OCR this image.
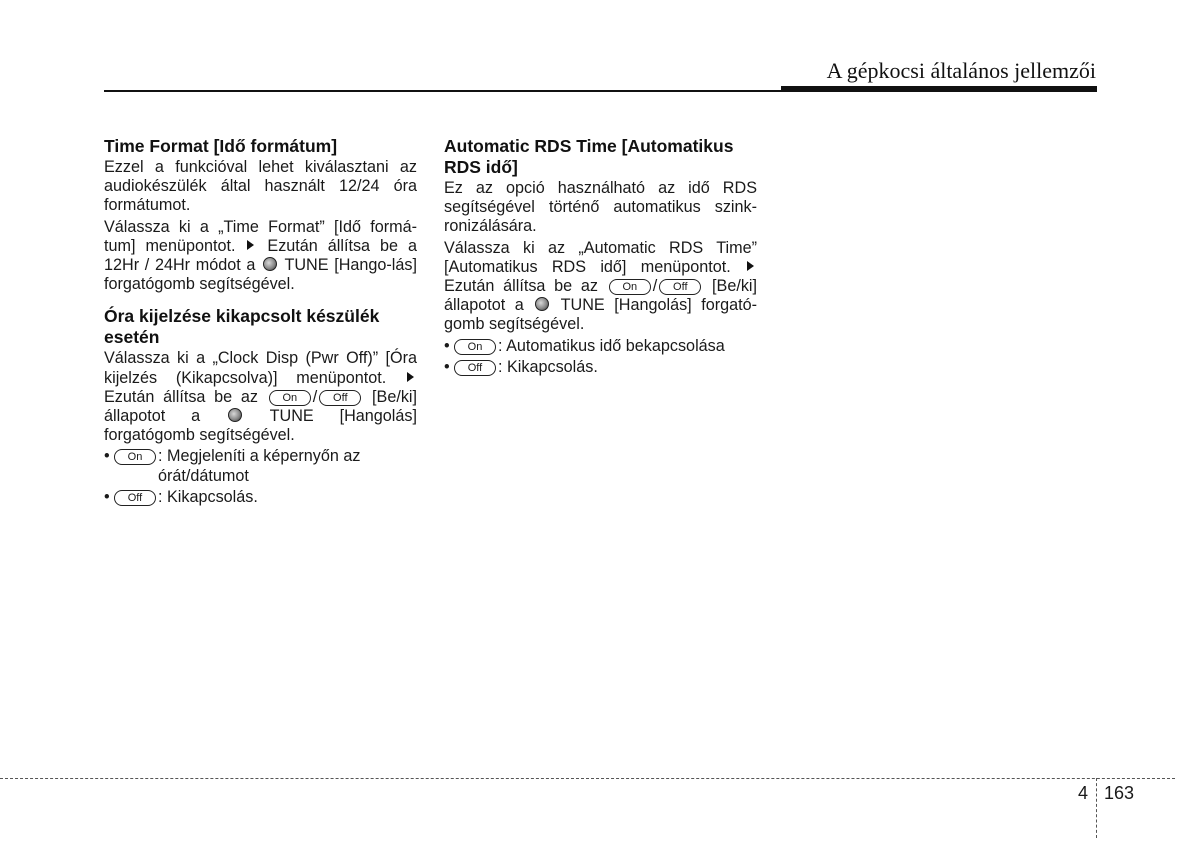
A gépkocsi általános jellemzői
Time Format [Idő formátum]

Ezzel a funkcióval lehet kiválasztani az audiokészülék által használt 12/24 óra formátumot.

Válassza ki a „Time Format” [Idő formá-tum] menüpontot. Ezután állítsa be a 12Hr / 24Hr módot a TUNE [Hango-lás] forgatógomb segítségével.

Óra kijelzése kikapcsolt készülék esetén

Válassza ki a „Clock Disp (Pwr Off)” [Óra kijelzés (Kikapcsolva)] menüpontot.  Ezután állítsa be az On / Off [Be/ki] állapotot a	TUNE [Hangolás] forgatógomb segítségével.

•	On : Megjeleníti a képernyőn az órát/dátumot
•	Off : Kikapcsolás.
Automatic RDS Time [Automatikus RDS idő]

Ez az opció használható az idő RDS segítségével történő automatikus szink-ronizálására.

Válassza ki az „Automatic RDS Time” [Automatikus RDS idő] menüpontot.  Ezután állítsa be az On / Off [Be/ki] állapotot a TUNE [Hangolás] forgató-gomb segítségével.

•	On : Automatikus idő bekapcsolása
•	Off : Kikapcsolás.
4 163
